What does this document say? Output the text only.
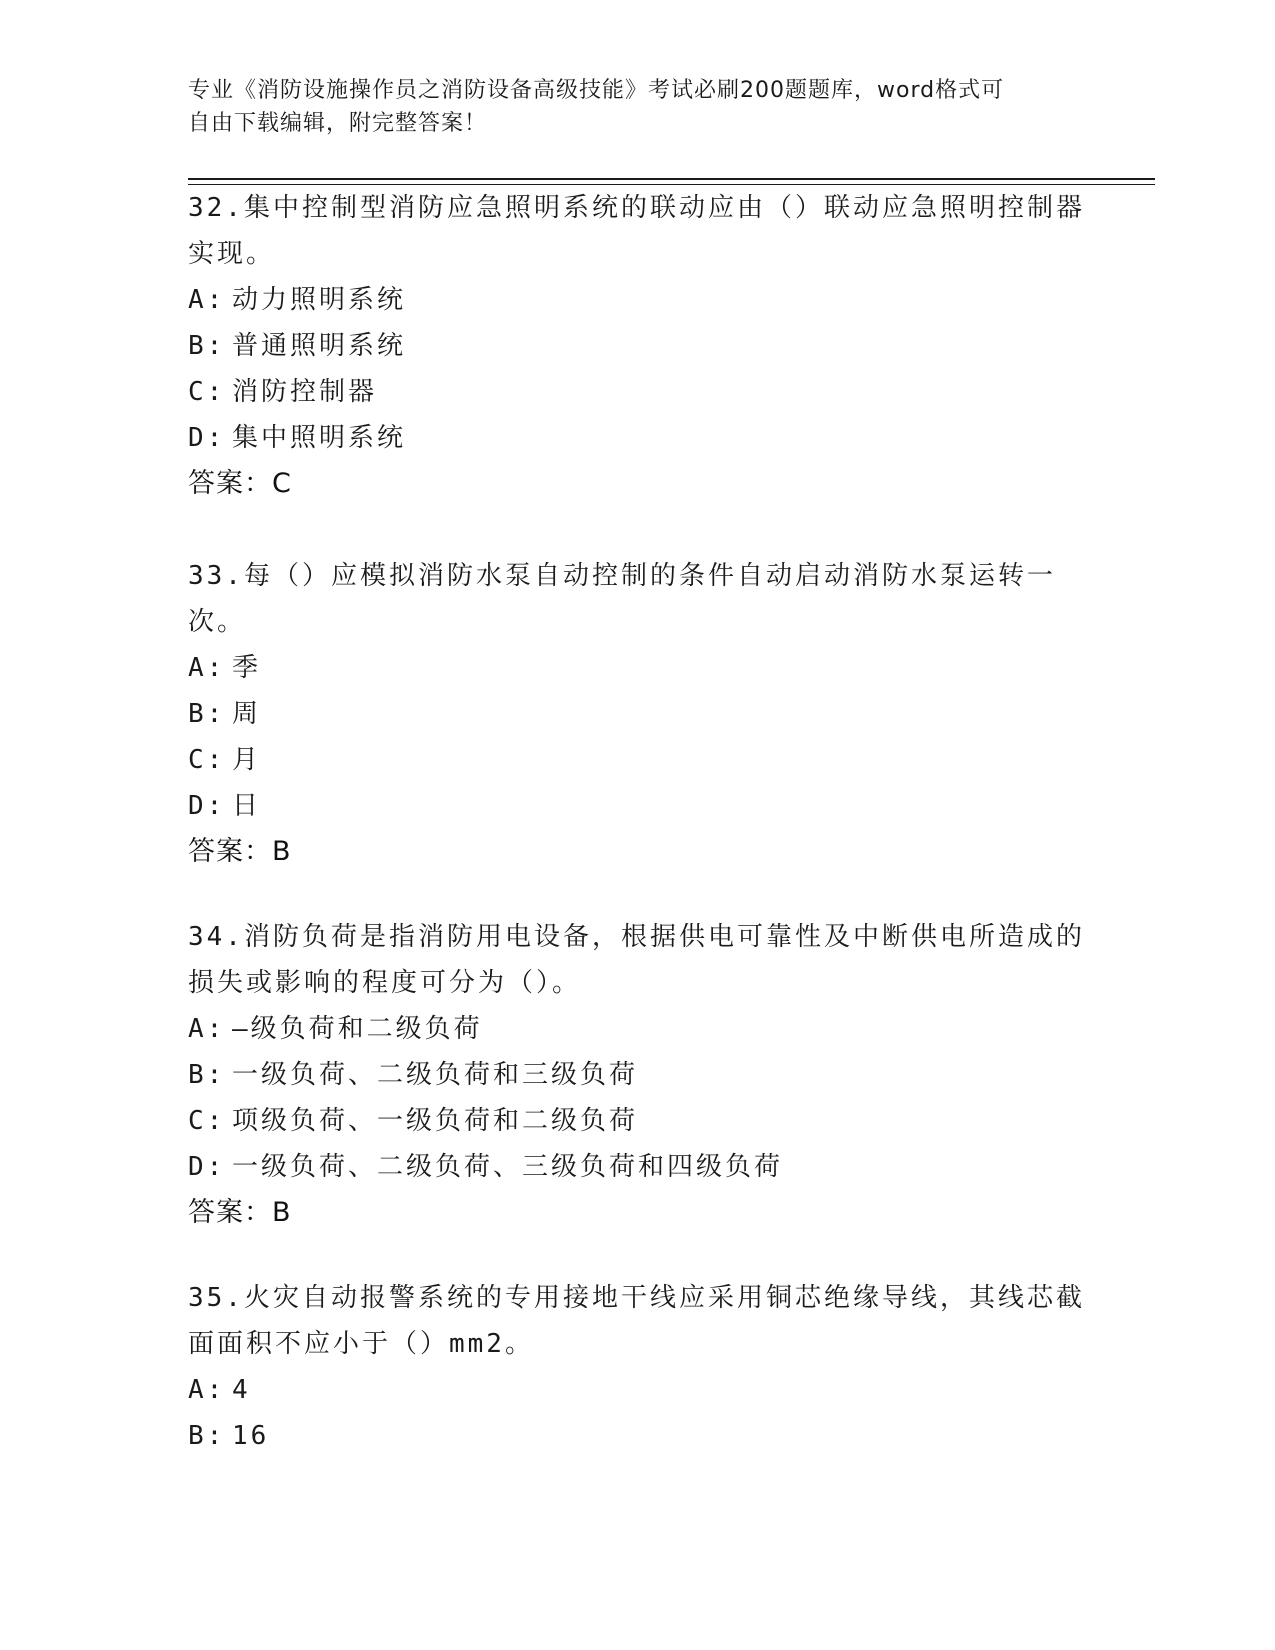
专业《消防设施操作员之消防设备高级技能》考试必刷200题题库，word格式可
自由下载编辑，附完整答案！

32.集中控制型消防应急照明系统的联动应由（）联动应急照明控制器实现。

A: 动力照明系统

B: 普通照明系统

C: 消防控制器

D: 集中照明系统

答案：C

33.每（）应模拟消防水泵自动控制的条件自动启动消防水泵运转一次。

A: 季

B: 周

C: 月

D: 日

答案：B

34.消防负荷是指消防用电设备，根据供电可靠性及中断供电所造成的损失或影响的程度可分为（）。

A: —级负荷和二级负荷

B: 一级负荷、二级负荷和三级负荷

C: 项级负荷、一级负荷和二级负荷

D: 一级负荷、二级负荷、三级负荷和四级负荷

答案：B

35.火灾自动报警系统的专用接地干线应采用铜芯绝缘导线，其线芯截面面积不应小于（）mm2。

A: 4

B: 16
